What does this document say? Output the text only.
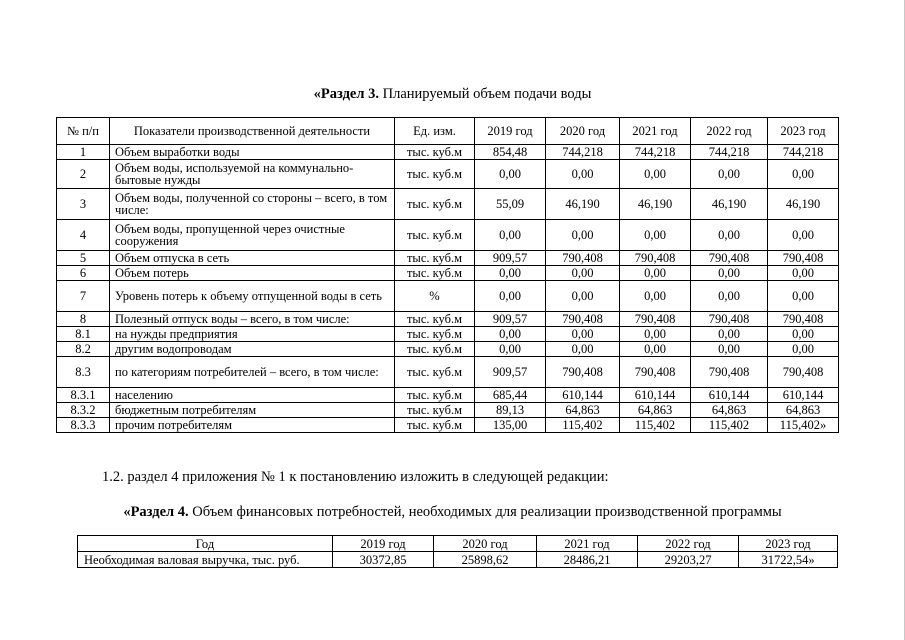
«Раздел 3. Планируемый объем подачи воды
№ п/п	Показатели производственной деятельности	Ед. изм.	2019 год	2020 год	2021 год	2022 год	2023 год
1	Объем выработки воды	тыс. куб.м	854,48	744,218	744,218	744,218	744,218
2	Объем воды, используемой на коммунально-бытовые нужды	тыс. куб.м	0,00	0,00	0,00	0,00	0,00
3	Объем воды, полученной со стороны – всего, в том числе:	тыс. куб.м	55,09	46,190	46,190	46,190	46,190
4	Объем воды, пропущенной через очистные сооружения	тыс. куб.м	0,00	0,00	0,00	0,00	0,00
5	Объем отпуска в сеть	тыс. куб.м	909,57	790,408	790,408	790,408	790,408
6	Объем потерь	тыс. куб.м	0,00	0,00	0,00	0,00	0,00
7	Уровень потерь к объему отпущенной воды в сеть	%	0,00	0,00	0,00	0,00	0,00
8	Полезный отпуск воды – всего, в том числе:	тыс. куб.м	909,57	790,408	790,408	790,408	790,408
8.1	на нужды предприятия	тыс. куб.м	0,00	0,00	0,00	0,00	0,00
8.2	другим водопроводам	тыс. куб.м	0,00	0,00	0,00	0,00	0,00
8.3	по категориям потребителей – всего, в том числе:	тыс. куб.м	909,57	790,408	790,408	790,408	790,408
8.3.1	населению	тыс. куб.м	685,44	610,144	610,144	610,144	610,144
8.3.2	бюджетным потребителям	тыс. куб.м	89,13	64,863	64,863	64,863	64,863
8.3.3	прочим потребителям	тыс. куб.м	135,00	115,402	115,402	115,402	115,402»
1.2. раздел 4 приложения № 1 к постановлению изложить в следующей редакции:
«Раздел 4. Объем финансовых потребностей, необходимых для реализации производственной программы
Год	2019 год	2020 год	2021 год	2022 год	2023 год
Необходимая валовая выручка, тыс. руб.	30372,85	25898,62	28486,21	29203,27	31722,54»
